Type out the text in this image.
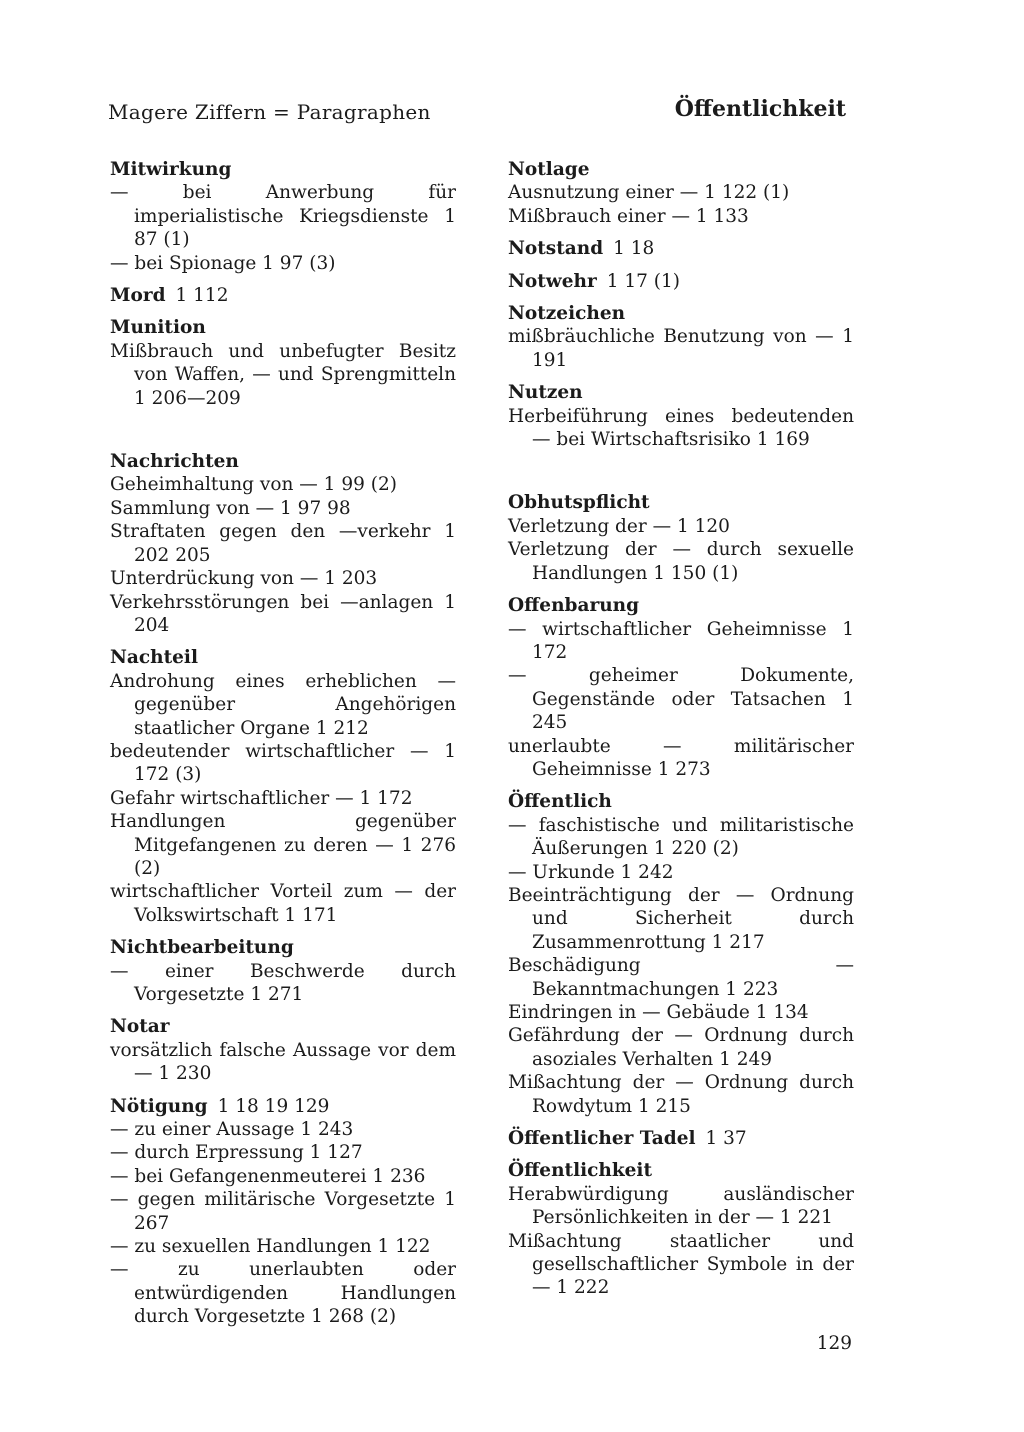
Magere Ziffern = Paragraphen	Öffentlichkeit
Mitwirkung
— bei Anwerbung für imperialistische Kriegsdienste 1 87 (1)
— bei Spionage 1 97 (3)
Mord 1 112
Munition
Mißbrauch und unbefugter Besitz von Waffen, — und Sprengmitteln 1 206—209
Nachrichten
Geheimhaltung von — 1 99 (2)
Sammlung von — 1 97 98
Straftaten gegen den —verkehr 1 202 205
Unterdrückung von — 1 203
Verkehrsstörungen bei —anlagen 1 204
Nachteil
Androhung eines erheblichen — gegenüber Angehörigen staatlicher Organe 1 212
bedeutender wirtschaftlicher — 1 172 (3)
Gefahr wirtschaftlicher — 1 172
Handlungen gegenüber Mitgefangenen zu deren — 1 276 (2)
wirtschaftlicher Vorteil zum — der Volkswirtschaft 1 171
Nichtbearbeitung
— einer Beschwerde durch Vorgesetzte 1 271
Notar
vorsätzlich falsche Aussage vor dem — 1 230
Nötigung 1 18 19 129
— zu einer Aussage 1 243
— durch Erpressung 1 127
— bei Gefangenenmeuterei 1 236
— gegen militärische Vorgesetzte 1 267
— zu sexuellen Handlungen 1 122
— zu unerlaubten oder entwürdigenden Handlungen durch Vorgesetzte 1 268 (2)
Notlage
Ausnutzung einer — 1 122 (1)
Mißbrauch einer — 1 133
Notstand 1 18
Notwehr 1 17 (1)
Notzeichen
mißbräuchliche Benutzung von — 1 191
Nutzen
Herbeiführung eines bedeutenden — bei Wirtschaftsrisiko 1 169
Obhutspflicht
Verletzung der — 1 120
Verletzung der — durch sexuelle Handlungen 1 150 (1)
Offenbarung
— wirtschaftlicher Geheimnisse 1 172
— geheimer Dokumente, Gegenstände oder Tatsachen 1 245
unerlaubte — militärischer Geheimnisse 1 273
Öffentlich
— faschistische und militaristische Äußerungen 1 220 (2)
— Urkunde 1 242
Beeinträchtigung der — Ordnung und Sicherheit durch Zusammenrottung 1 217
Beschädigung — Bekanntmachungen 1 223
Eindringen in — Gebäude 1 134
Gefährdung der — Ordnung durch asoziales Verhalten 1 249
Mißachtung der — Ordnung durch Rowdytum 1 215
Öffentlicher Tadel 1 37
Öffentlichkeit
Herabwürdigung ausländischer Persönlichkeiten in der — 1 221
Mißachtung staatlicher und gesellschaftlicher Symbole in der — 1 222
129
